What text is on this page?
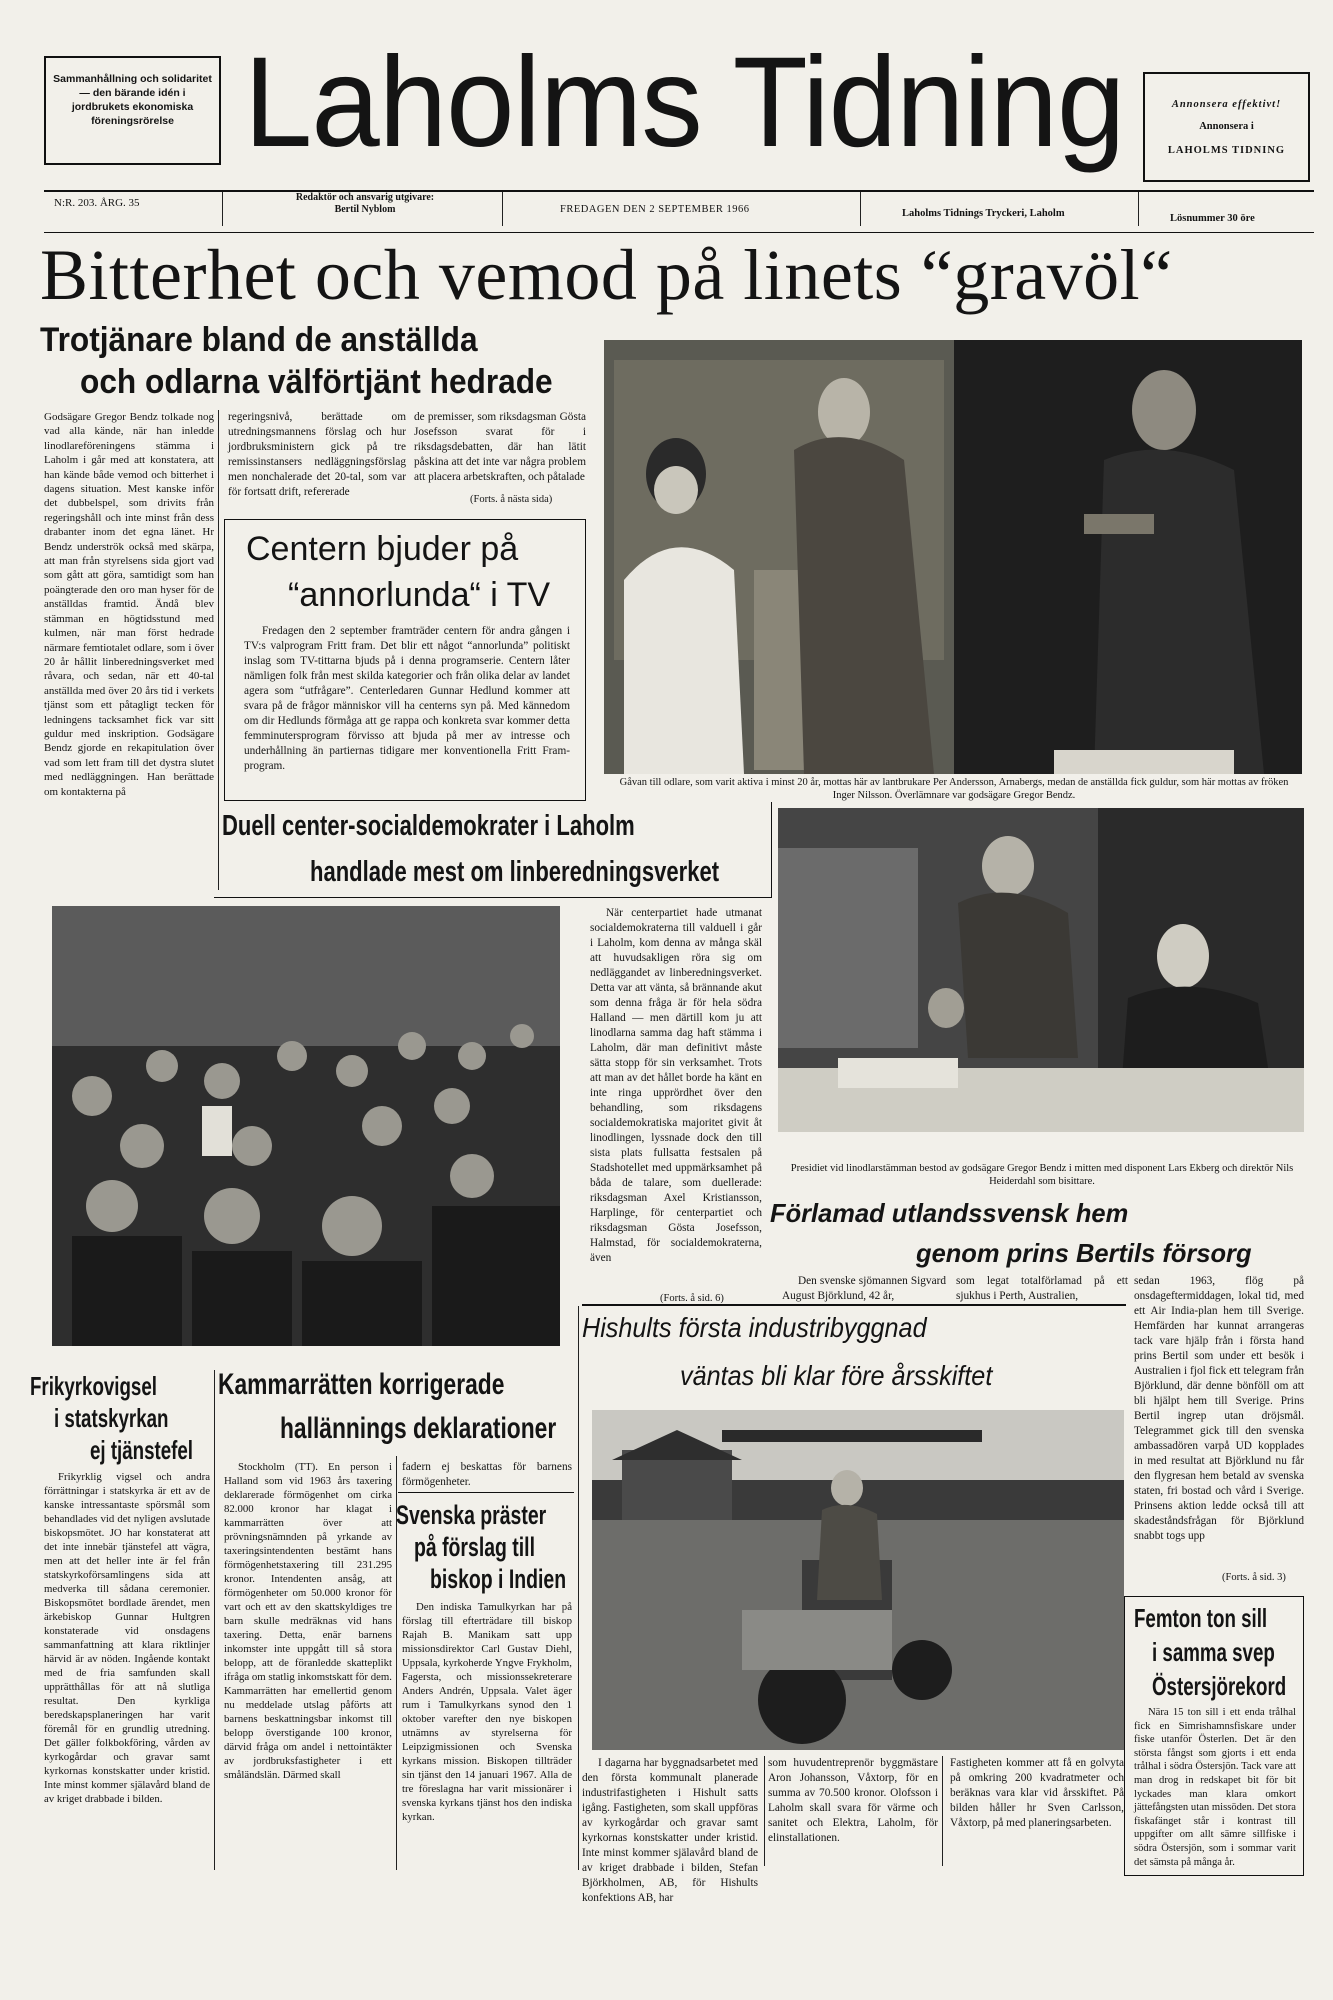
Sammanhållning och solidaritet — den bärande idén i jordbrukets ekonomiska föreningsrörelse Laholms Tidning	Annonsera effektivt!
Annonsera i
LAHOLMS TIDNING
N:R. 203. ÅRG. 35	Redaktör och ansvarig utgivare:
Bertil Nyblom	FREDAGEN DEN 2 SEPTEMBER 1966	Laholms Tidnings Tryckeri, Laholm	Lösnummer 30 öre
Bitterhet och vemod på linets “gravöl“
Trotjänare bland de anställda
och odlarna välförtjänt hedrade
Godsägare Gregor Bendz tolkade nog vad alla kände, när han inledde linodlareföreningens stämma i Laholm i går med att konstatera, att han kände både vemod och bitterhet i dagens situation. Mest kanske inför det dubbelspel, som drivits från regeringshåll och inte minst från dess drabanter inom det egna länet. Hr Bendz underströk också med skärpa, att man från styrelsens sida gjort vad som gått att göra, samtidigt som han poängterade den oro man hyser för de anställdas framtid. Ändå blev stämman en högtidsstund med kulmen, när man först hedrade närmare femtiotalet odlare, som i över 20 år hållit linberedningsverket med råvara, och sedan, när ett 40-tal anställda med över 20 års tid i verkets tjänst som ett påtagligt tecken för ledningens tacksamhet fick var sitt guldur med inskription. Godsägare Bendz gjorde en rekapitulation över vad som lett fram till det dystra slutet med nedläggningen. Han berättade om kontakterna på
regeringsnivå, berättade om utredningsmannens förslag och hur jordbruksministern gick på tre remissinstansers nedläggningsförslag men nonchalerade det 20-tal, som var för fortsatt drift, refererade
de premisser, som riksdagsman Gösta Josefsson svarat för i riksdagsdebatten, där han lätit påskina att det inte var några problem att placera arbetskraften, och påtalade
(Forts. å nästa sida)
Centern bjuder på
“annorlunda“ i TV
Fredagen den 2 september framträder centern för andra gången i TV:s valprogram Fritt fram. Det blir ett något “annorlunda” politiskt inslag som TV-tittarna bjuds på i denna programserie. Centern låter nämligen folk från mest skilda kategorier och från olika delar av landet agera som “utfrågare”. Centerledaren Gunnar Hedlund kommer att svara på de frågor människor vill ha centerns syn på. Med kännedom om dir Hedlunds förmåga att ge rappa och konkreta svar kommer detta femminutersprogram förvisso att bjuda på mer av intresse och underhållning än partiernas tidigare mer konventionella Fritt Fram-program.
Gåvan till odlare, som varit aktiva i minst 20 år, mottas här av lantbrukare Per Andersson, Arnabergs, medan de anställda fick guldur, som här mottas av fröken Inger Nilsson. Överlämnare var godsägare Gregor Bendz.
Duell center-socialdemokrater i Laholm
handlade mest om linberedningsverket
När centerpartiet hade utmanat socialdemokraterna till valduell i går i Laholm, kom denna av många skäl att huvudsakligen röra sig om nedläggandet av linberedningsverket. Detta var att vänta, så brännande akut som denna fråga är för hela södra Halland — men därtill kom ju att linodlarna samma dag haft stämma i Laholm, där man definitivt måste sätta stopp för sin verksamhet. Trots att man av det hållet borde ha känt en inte ringa upprördhet över den behandling, som riksdagens socialdemokratiska majoritet givit åt linodlingen, lyssnade dock den till sista plats fullsatta festsalen på Stadshotellet med uppmärksamhet på båda de talare, som duellerade: riksdagsman Axel Kristiansson, Harplinge, för centerpartiet och riksdagsman Gösta Josefsson, Halmstad, för socialdemokraterna, även
(Forts. å sid. 6)
Presidiet vid linodlarstämman bestod av godsägare Gregor Bendz i mitten med disponent Lars Ekberg och direktör Nils Heiderdahl som bisittare.
Förlamad utlandssvensk hem
genom prins Bertils försorg
Den svenske sjömannen Sigvard August Björklund, 42 år,
som legat totalförlamad på ett sjukhus i Perth, Australien,
sedan 1963, flög på onsdageftermiddagen, lokal tid, med ett Air India-plan hem till Sverige. Hemfärden har kunnat arrangeras tack vare hjälp från i första hand prins Bertil som under ett besök i Australien i fjol fick ett telegram från Björklund, där denne bönföll om att bli hjälpt hem till Sverige. Prins Bertil ingrep utan dröjsmål. Telegrammet gick till den svenska ambassadören varpå UD kopplades in med resultat att Björklund nu får den flygresan hem betald av svenska staten, fri bostad och vård i Sverige. Prinsens aktion ledde också till att skadeståndsfrågan för Björklund snabbt togs upp
(Forts. å sid. 3)
Hishults första industribyggnad
väntas bli klar före årsskiftet
I dagarna har byggnadsarbetet med den första kommunalt planerade industrifastigheten i Hishult satts igång. Fastigheten, som skall uppföras av kyrkogårdar och gravar samt kyrkornas konstskatter under kristid. Inte minst kommer själavård bland de av kriget drabbade i bilden, Stefan Björkholmen, AB, för Hishults konfektions AB, har
som huvudentreprenör byggmästare Aron Johansson, Våxtorp, för en summa av 70.500 kronor. Olofsson i Laholm skall svara för värme och sanitet och Elektra, Laholm, för elinstallationen.
Fastigheten kommer att få en golvyta på omkring 200 kvadratmeter och beräknas vara klar vid årsskiftet. På bilden håller hr Sven Carlsson, Våxtorp, på med planeringsarbeten.
Femton ton sill
i samma svep
Östersjörekord
Nära 15 ton sill i ett enda trålhal fick en Simrishamnsfiskare under fiske utanför Österlen. Det är den största fångst som gjorts i ett enda trålhal i södra Östersjön. Tack vare att man drog in redskapet bit för bit lyckades man klara omkort jättefångsten utan missöden. Det stora fiskafänget står i kontrast till uppgifter om allt sämre sillfiske i södra Östersjön, som i sommar varit det sämsta på många år.
Frikyrkovigsel
i statskyrkan
ej tjänstefel
Frikyrklig vigsel och andra förrättningar i statskyrka är ett av de kanske intressantaste spörsmål som behandlades vid det nyligen avslutade biskopsmötet. JO har konstaterat att det inte innebär tjänstefel att vägra, men att det heller inte är fel från statskyrkoförsamlingens sida att medverka till sådana ceremonier. Biskopsmötet bordlade ärendet, men ärkebiskop Gunnar Hultgren konstaterade vid onsdagens sammanfattning att klara riktlinjer härvid är av nöden. Ingående kontakt med de fria samfunden skall upprätthållas för att nå slutliga resultat. Den kyrkliga beredskapsplaneringen har varit föremål för en grundlig utredning. Det gäller folkbokföring, vården av kyrkogårdar och gravar samt kyrkornas konstskatter under kristid. Inte minst kommer själavård bland de av kriget drabbade i bilden.
Kammarrätten korrigerade
hallännings deklarationer
Stockholm (TT). En person i Halland som vid 1963 års taxering deklarerade förmögenhet om cirka 82.000 kronor har klagat i kammarrätten över att prövningsnämnden på yrkande av taxeringsintendenten bestämt hans förmögenhetstaxering till 231.295 kronor. Intendenten ansåg, att förmögenheter om 50.000 kronor för vart och ett av den skattskyldiges tre barn skulle medräknas vid hans taxering. Detta, enär barnens inkomster inte uppgått till så stora belopp, att de föranledde skatteplikt ifråga om statlig inkomstskatt för dem. Kammarrätten har emellertid genom nu meddelade utslag påförts att barnens beskattningsbar inkomst till belopp överstigande 100 kronor, därvid fråga om andel i nettointäkter av jordbruksfastigheter i ett småländslän. Därmed skall
fadern ej beskattas för barnens förmögenheter.
Svenska präster
på förslag till
biskop i Indien
Den indiska Tamulkyrkan har på förslag till efterträdare till biskop Rajah B. Manikam satt upp missionsdirektor Carl Gustav Diehl, Uppsala, kyrkoherde Yngve Frykholm, Fagersta, och missionssekreterare Anders Andrén, Uppsala. Valet äger rum i Tamulkyrkans synod den 1 oktober varefter den nye biskopen utnämns av styrelserna för Leipzigmissionen och Svenska kyrkans mission. Biskopen tillträder sin tjänst den 14 januari 1967. Alla de tre föreslagna har varit missionärer i svenska kyrkans tjänst hos den indiska kyrkan.
